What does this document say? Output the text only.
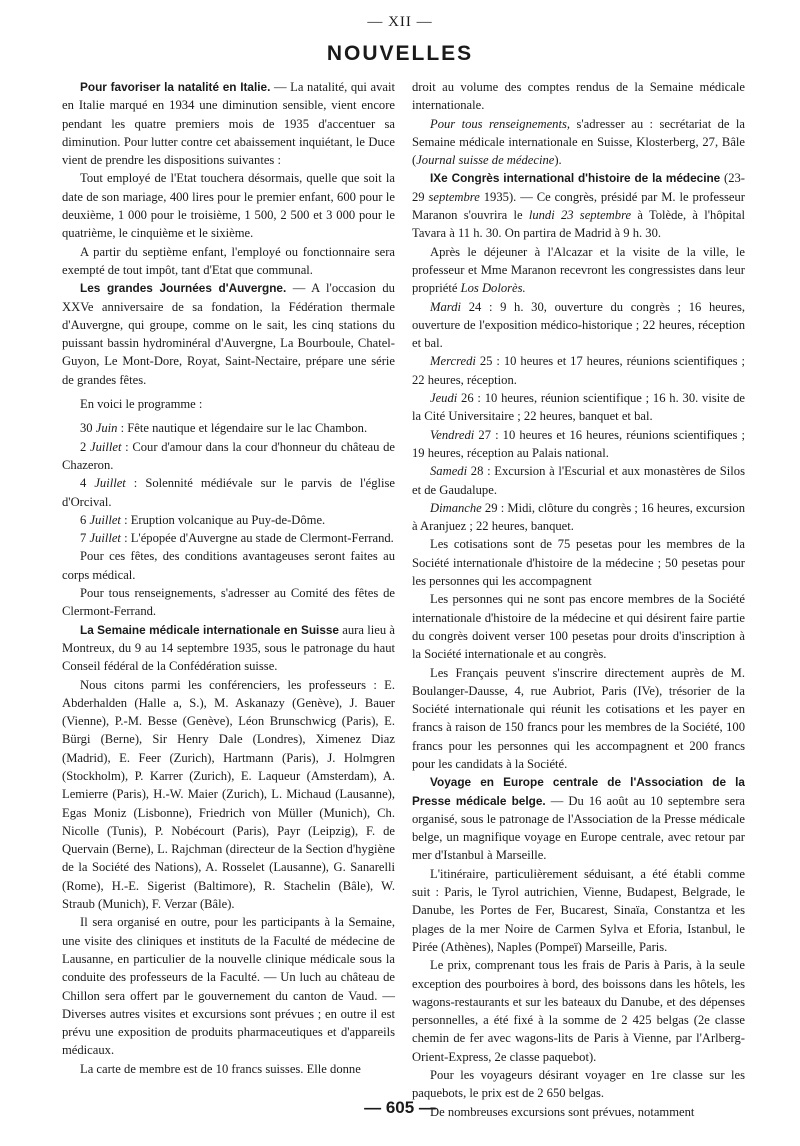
— XII —
NOUVELLES

Pour favoriser la natalité en Italie. — La natalité, qui avait en Italie marqué en 1934 une diminution sensible, vient encore pendant les quatre premiers mois de 1935 d'accentuer sa diminution. Pour lutter contre cet abaissement inquiétant, le Duce vient de prendre les dispositions suivantes :

Tout employé de l'Etat touchera désormais, quelle que soit la date de son mariage, 400 lires pour le premier enfant, 600 pour le deuxième, 1 000 pour le troisième, 1 500, 2 500 et 3 000 pour le quatrième, le cinquième et le sixième.

A partir du septième enfant, l'employé ou fonctionnaire sera exempté de tout impôt, tant d'Etat que communal.

Les grandes Journées d'Auvergne. — A l'occasion du XXVe anniversaire de sa fondation, la Fédération thermale d'Auvergne, qui groupe, comme on le sait, les cinq stations du puissant bassin hydrominéral d'Auvergne, La Bourboule, Chatel-Guyon, Le Mont-Dore, Royat, Saint-Nectaire, prépare une série de grandes fêtes.

En voici le programme :

30 Juin : Fête nautique et légendaire sur le lac Chambon.

2 Juillet : Cour d'amour dans la cour d'honneur du château de Chazeron.

4 Juillet : Solennité médiévale sur le parvis de l'église d'Orcival.

6 Juillet : Eruption volcanique au Puy-de-Dôme.

7 Juillet : L'épopée d'Auvergne au stade de Clermont-Ferrand.

Pour ces fêtes, des conditions avantageuses seront faites au corps médical.

Pour tous renseignements, s'adresser au Comité des fêtes de Clermont-Ferrand.

La Semaine médicale internationale en Suisse aura lieu à Montreux, du 9 au 14 septembre 1935, sous le patronage du haut Conseil fédéral de la Confédération suisse.

Nous citons parmi les conférenciers, les professeurs : E. Abderhalden (Halle a, S.), M. Askanazy (Genève), J. Bauer (Vienne), P.-M. Besse (Genève), Léon Brunschwicg (Paris), E. Bürgi (Berne), Sir Henry Dale (Londres), Ximenez Diaz (Madrid), E. Feer (Zurich), Hartmann (Paris), J. Holmgren (Stockholm), P. Karrer (Zurich), E. Laqueur (Amsterdam), A. Lemierre (Paris), H.-W. Maier (Zurich), L. Michaud (Lausanne), Egas Moniz (Lisbonne), Friedrich von Müller (Munich), Ch. Nicolle (Tunis), P. Nobécourt (Paris), Payr (Leipzig), F. de Quervain (Berne), L. Rajchman (directeur de la Section d'hygiène de la Société des Nations), A. Rosselet (Lausanne), G. Sanarelli (Rome), H.-E. Sigerist (Baltimore), R. Stachelin (Bâle), W. Straub (Munich), F. Verzar (Bâle).

Il sera organisé en outre, pour les participants à la Semaine, une visite des cliniques et instituts de la Faculté de médecine de Lausanne, en particulier de la nouvelle clinique médicale sous la conduite des professeurs de la Faculté. — Un luch au château de Chillon sera offert par le gouvernement du canton de Vaud. — Diverses autres visites et excursions sont prévues ; en outre il est prévu une exposition de produits pharmaceutiques et d'appareils médicaux.

La carte de membre est de 10 francs suisses. Elle donne

droit au volume des comptes rendus de la Semaine médicale internationale.

Pour tous renseignements, s'adresser au : secrétariat de la Semaine médicale internationale en Suisse, Klosterberg, 27, Bâle (Journal suisse de médecine).

IXe Congrès international d'histoire de la médecine (23-29 septembre 1935). — Ce congrès, présidé par M. le professeur Maranon s'ouvrira le lundi 23 septembre à Tolède, à l'hôpital Tavara à 11 h. 30. On partira de Madrid à 9 h. 30.

Après le déjeuner à l'Alcazar et la visite de la ville, le professeur et Mme Maranon recevront les congressistes dans leur propriété Los Dolorès.

Mardi 24 : 9 h. 30, ouverture du congrès ; 16 heures, ouverture de l'exposition médico-historique ; 22 heures, réception et bal.

Mercredi 25 : 10 heures et 17 heures, réunions scientifiques ; 22 heures, réception.

Jeudi 26 : 10 heures, réunion scientifique ; 16 h. 30. visite de la Cité Universitaire ; 22 heures, banquet et bal.

Vendredi 27 : 10 heures et 16 heures, réunions scientifiques ; 19 heures, réception au Palais national.

Samedi 28 : Excursion à l'Escurial et aux monastères de Silos et de Gaudalupe.

Dimanche 29 : Midi, clôture du congrès ; 16 heures, excursion à Aranjuez ; 22 heures, banquet.

Les cotisations sont de 75 pesetas pour les membres de la Société internationale d'histoire de la médecine ; 50 pesetas pour les personnes qui les accompagnent

Les personnes qui ne sont pas encore membres de la Société internationale d'histoire de la médecine et qui désirent faire partie du congrès doivent verser 100 pesetas pour droits d'inscription à la Société internationale et au congrès.

Les Français peuvent s'inscrire directement auprès de M. Boulanger-Dausse, 4, rue Aubriot, Paris (IVe), trésorier de la Société internationale qui réunit les cotisations et les payer en francs à raison de 150 francs pour les membres de la Société, 100 francs pour les personnes qui les accompagnent et 200 francs pour les candidats à la Société.

Voyage en Europe centrale de l'Association de la Presse médicale belge. — Du 16 août au 10 septembre sera organisé, sous le patronage de l'Association de la Presse médicale belge, un magnifique voyage en Europe centrale, avec retour par mer d'Istanbul à Marseille.

L'itinéraire, particulièrement séduisant, a été établi comme suit : Paris, le Tyrol autrichien, Vienne, Budapest, Belgrade, le Danube, les Portes de Fer, Bucarest, Sinaïa, Constantza et les plages de la mer Noire de Carmen Sylva et Eforia, Istanbul, le Pirée (Athènes), Naples (Pompeï) Marseille, Paris.

Le prix, comprenant tous les frais de Paris à Paris, à la seule exception des pourboires à bord, des boissons dans les hôtels, les wagons-restaurants et sur les bateaux du Danube, et des dépenses personnelles, a été fixé à la somme de 2 425 belgas (2e classe chemin de fer avec wagons-lits de Paris à Vienne, par l'Arlberg-Orient-Express, 2e classe paquebot).

Pour les voyageurs désirant voyager en 1re classe sur les paquebots, le prix est de 2 650 belgas.

De nombreuses excursions sont prévues, notamment

— 605 —
